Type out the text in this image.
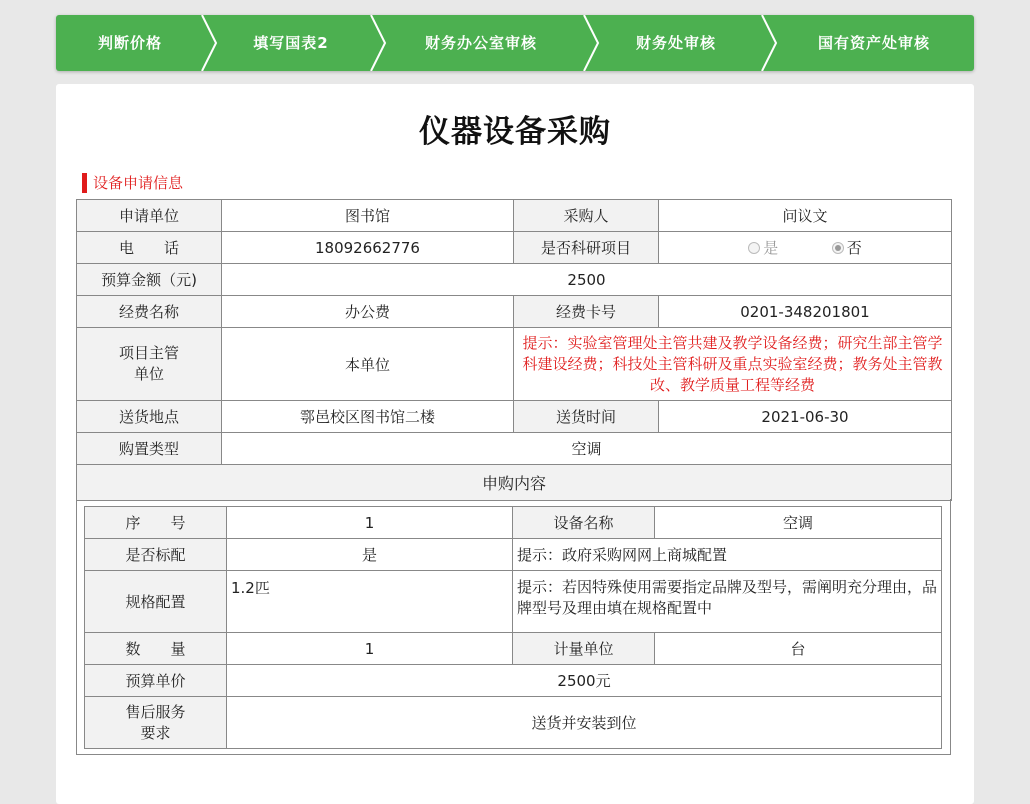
判断价格	填写国表2	财务办公室审核	财务处审核	国有资产处审核
仪器设备采购
设备申请信息
申请单位	图书馆	采购人	问议文
电　　话	18092662776	是否科研项目	是 否
预算金额（元)	2500		
经费名称	办公费	经费卡号	0201-348201801

项目主管单位	本单位	提示：实验室管理处主管共建及教学设备经费；研究生部主管学科建设经费；科技处主管科研及重点实验室经费；教务处主管教改、教学质量工程等经费	
送货地点	鄠邑校区图书馆二楼	送货时间	2021-06-30
购置类型	空调		
申购内容			
序　　号	1	设备名称	空调
是否标配	是	提示：政府采购网网上商城配置	
规格配置	1.2匹	提示：若因特殊使用需要指定品牌及型号，需阐明充分理由，品牌型号及理由填在规格配置中	
数　　量	1	计量单位	台
预算单价	2500元		

售后服务要求	送货并安装到位		
